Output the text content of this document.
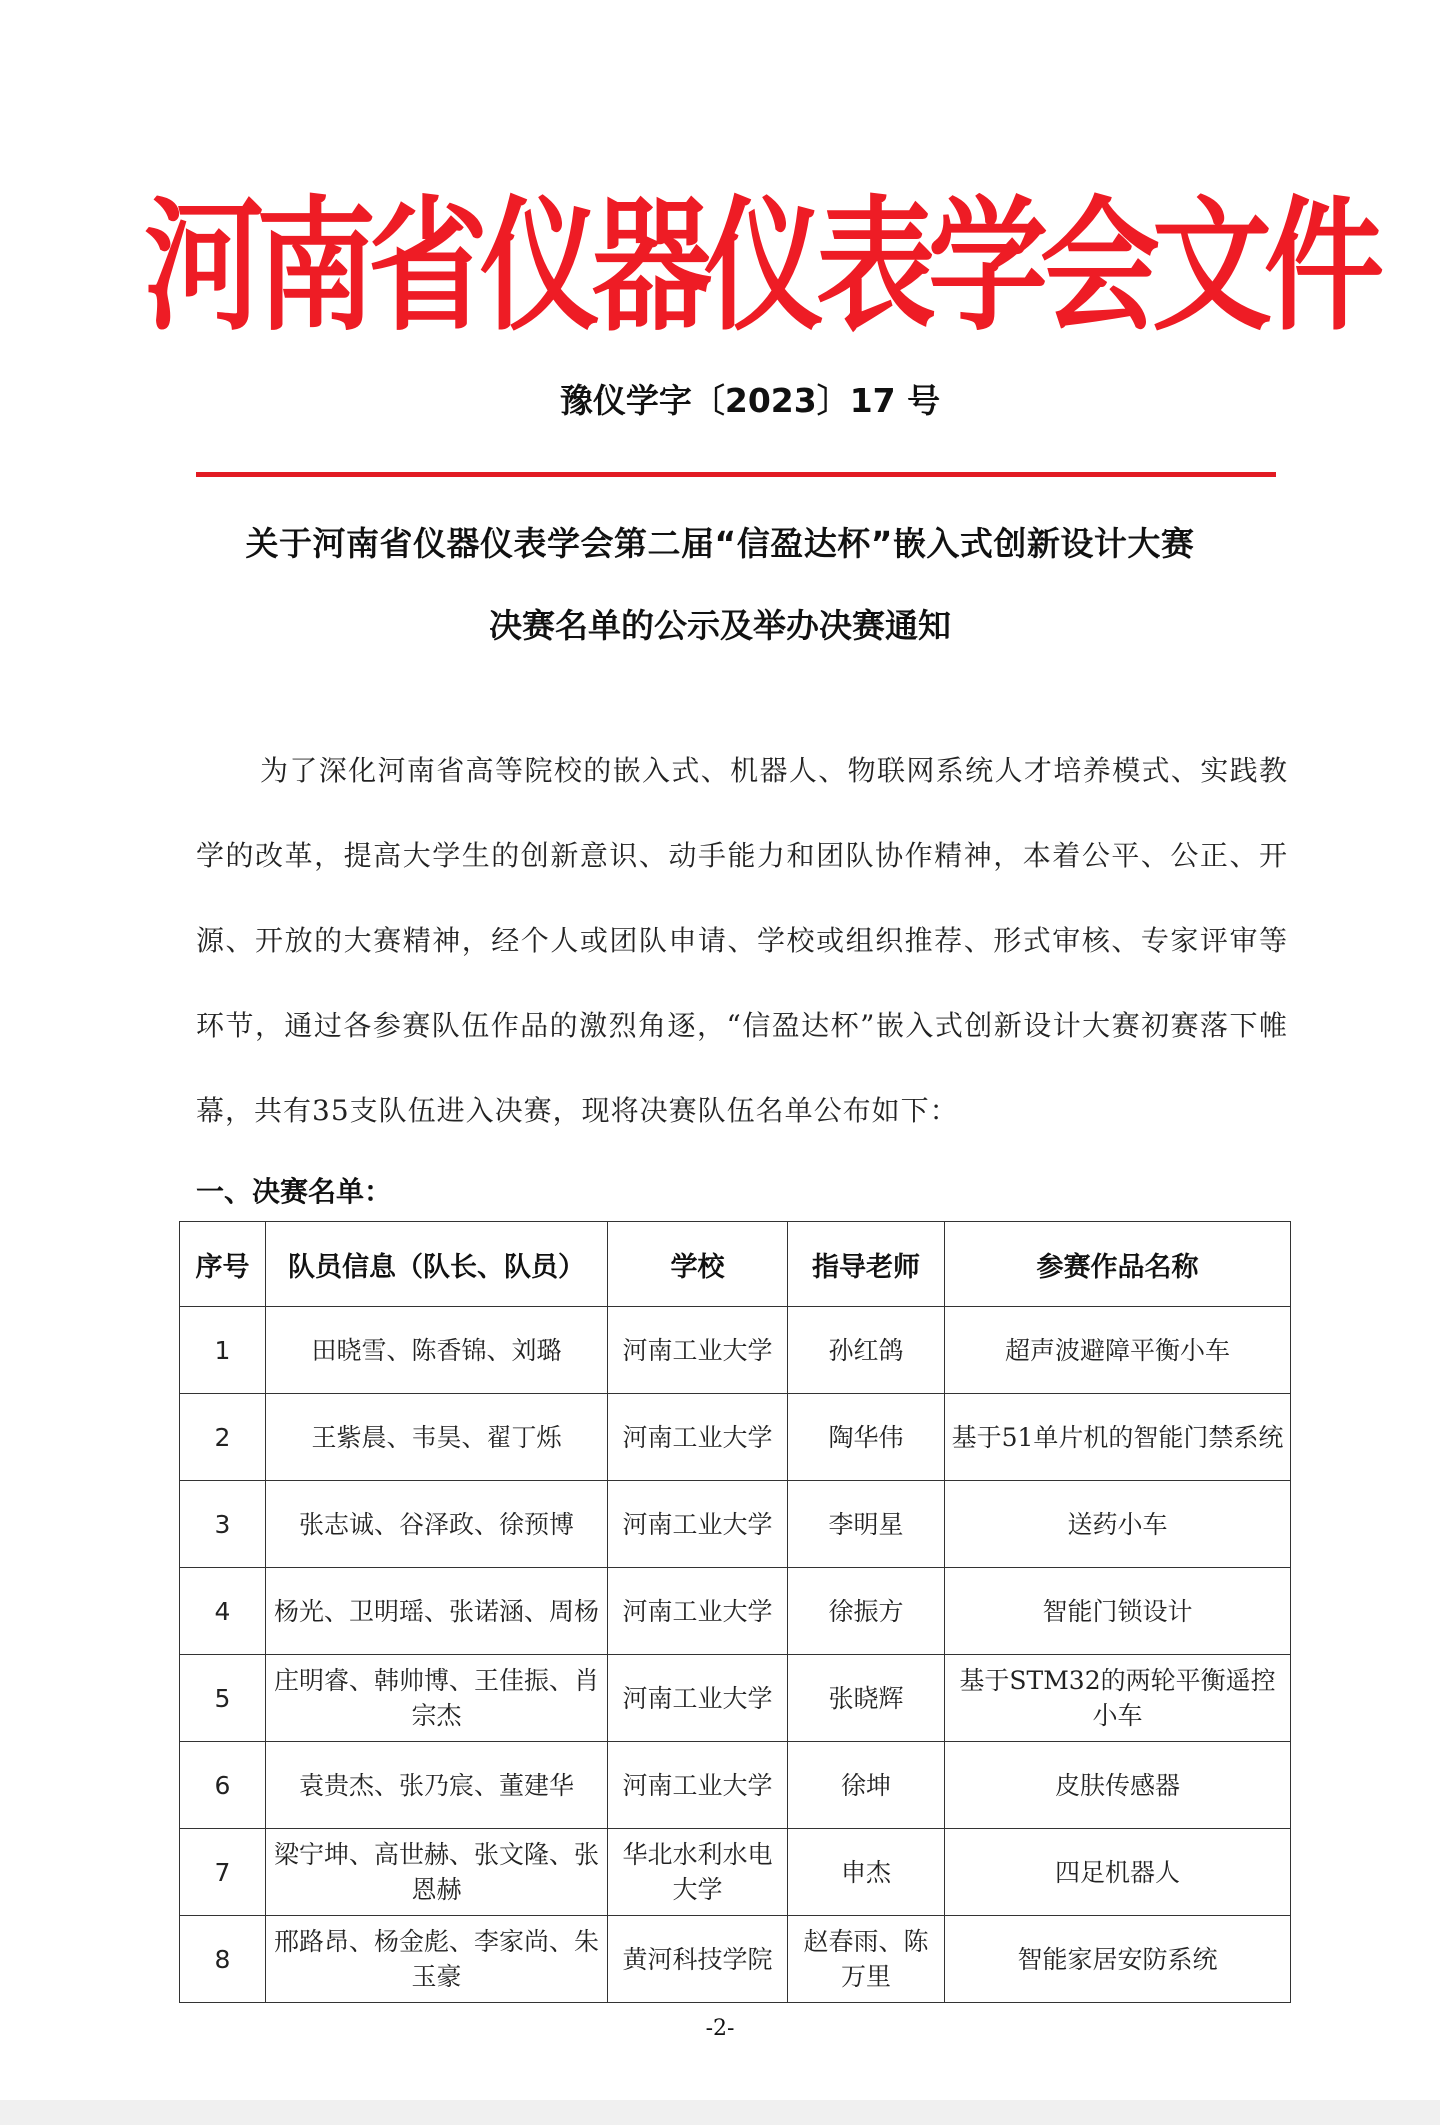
河南省仪器仪表学会文件
豫仪学字〔2023〕17 号
关于河南省仪器仪表学会第二届“信盈达杯”嵌入式创新设计大赛
决赛名单的公示及举办决赛通知
为了深化河南省高等院校的嵌入式、机器人、物联网系统人才培养模式、实践教学的改革，提高大学生的创新意识、动手能力和团队协作精神，本着公平、公正、开源、开放的大赛精神，经个人或团队申请、学校或组织推荐、形式审核、专家评审等环节，通过各参赛队伍作品的激烈角逐，“信盈达杯”嵌入式创新设计大赛初赛落下帷幕，共有35支队伍进入决赛，现将决赛队伍名单公布如下：
一、决赛名单：
序号	队员信息（队长、队员）	学校	指导老师	参赛作品名称
1	田晓雪、陈香锦、刘璐	河南工业大学	孙红鸽	超声波避障平衡小车
2	王紫晨、韦昊、翟丁烁	河南工业大学	陶华伟	基于51单片机的智能门禁系统
3	张志诚、谷泽政、徐预博	河南工业大学	李明星	送药小车
4	杨光、卫明瑶、张诺涵、周杨	河南工业大学	徐振方	智能门锁设计
5	庄明睿、韩帅博、王佳振、肖宗杰	河南工业大学	张晓辉	基于STM32的两轮平衡遥控小车
6	袁贵杰、张乃宸、董建华	河南工业大学	徐坤	皮肤传感器
7	梁宁坤、高世赫、张文隆、张恩赫	华北水利水电大学	申杰	四足机器人
8	邢路昂、杨金彪、李家尚、朱玉豪	黄河科技学院	赵春雨、陈万里	智能家居安防系统
-2-
